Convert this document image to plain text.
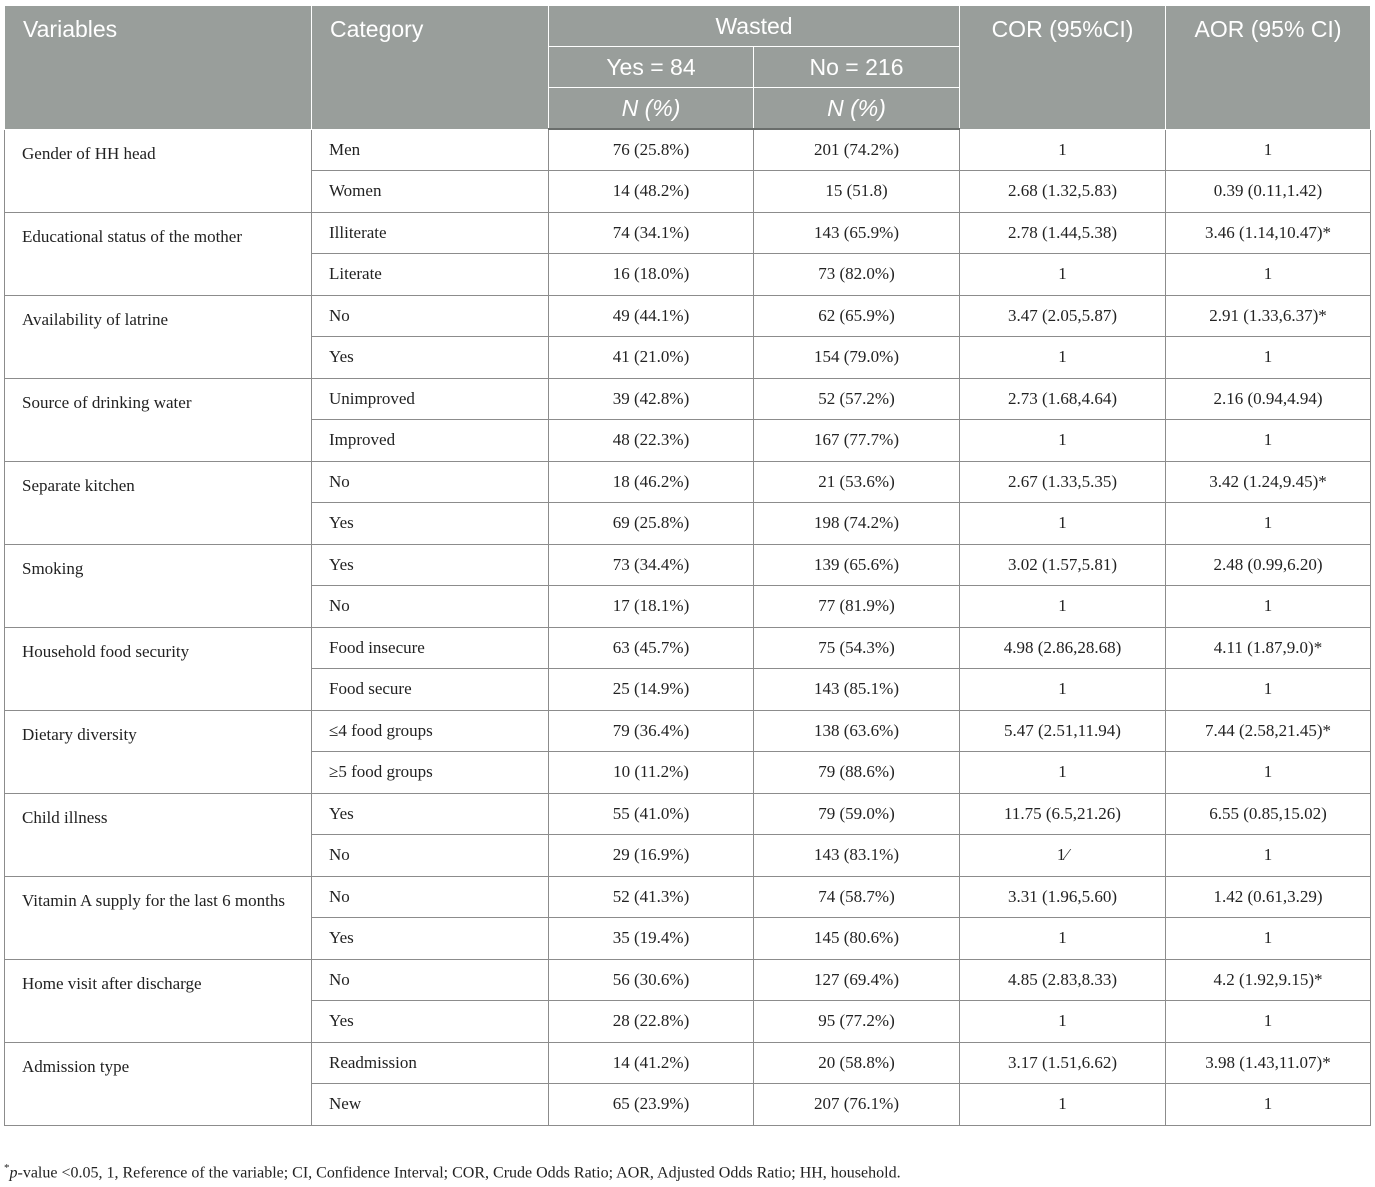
Variables	Category	Wasted		COR (95%CI)	AOR (95% CI)
		Yes = 84	No = 216		
		N (%)	N (%)		
Gender of HH head	Men	76 (25.8%)	201 (74.2%)	1	1
	Women	14 (48.2%)	15 (51.8)	2.68 (1.32,5.83)	0.39 (0.11,1.42)
Educational status of the mother	Illiterate	74 (34.1%)	143 (65.9%)	2.78 (1.44,5.38)	3.46 (1.14,10.47)*
	Literate	16 (18.0%)	73 (82.0%)	1	1
Availability of latrine	No	49 (44.1%)	62 (65.9%)	3.47 (2.05,5.87)	2.91 (1.33,6.37)*
	Yes	41 (21.0%)	154 (79.0%)	1	1
Source of drinking water	Unimproved	39 (42.8%)	52 (57.2%)	2.73 (1.68,4.64)	2.16 (0.94,4.94)
	Improved	48 (22.3%)	167 (77.7%)	1	1
Separate kitchen	No	18 (46.2%)	21 (53.6%)	2.67 (1.33,5.35)	3.42 (1.24,9.45)*
	Yes	69 (25.8%)	198 (74.2%)	1	1
Smoking	Yes	73 (34.4%)	139 (65.6%)	3.02 (1.57,5.81)	2.48 (0.99,6.20)
	No	17 (18.1%)	77 (81.9%)	1	1
Household food security	Food insecure	63 (45.7%)	75 (54.3%)	4.98 (2.86,28.68)	4.11 (1.87,9.0)*
	Food secure	25 (14.9%)	143 (85.1%)	1	1
Dietary diversity	≤4 food groups	79 (36.4%)	138 (63.6%)	5.47 (2.51,11.94)	7.44 (2.58,21.45)*
	≥5 food groups	10 (11.2%)	79 (88.6%)	1	1
Child illness	Yes	55 (41.0%)	79 (59.0%)	11.75 (6.5,21.26)	6.55 (0.85,15.02)
	No	29 (16.9%)	143 (83.1%)	1⁄	1
Vitamin A supply for the last 6 months	No	52 (41.3%)	74 (58.7%)	3.31 (1.96,5.60)	1.42 (0.61,3.29)
	Yes	35 (19.4%)	145 (80.6%)	1	1
Home visit after discharge	No	56 (30.6%)	127 (69.4%)	4.85 (2.83,8.33)	4.2 (1.92,9.15)*
	Yes	28 (22.8%)	95 (77.2%)	1	1
Admission type	Readmission	14 (41.2%)	20 (58.8%)	3.17 (1.51,6.62)	3.98 (1.43,11.07)*
	New	65 (23.9%)	207 (76.1%)	1	1
*p-value <0.05, 1, Reference of the variable; CI, Confidence Interval; COR, Crude Odds Ratio; AOR, Adjusted Odds Ratio; HH, household.
